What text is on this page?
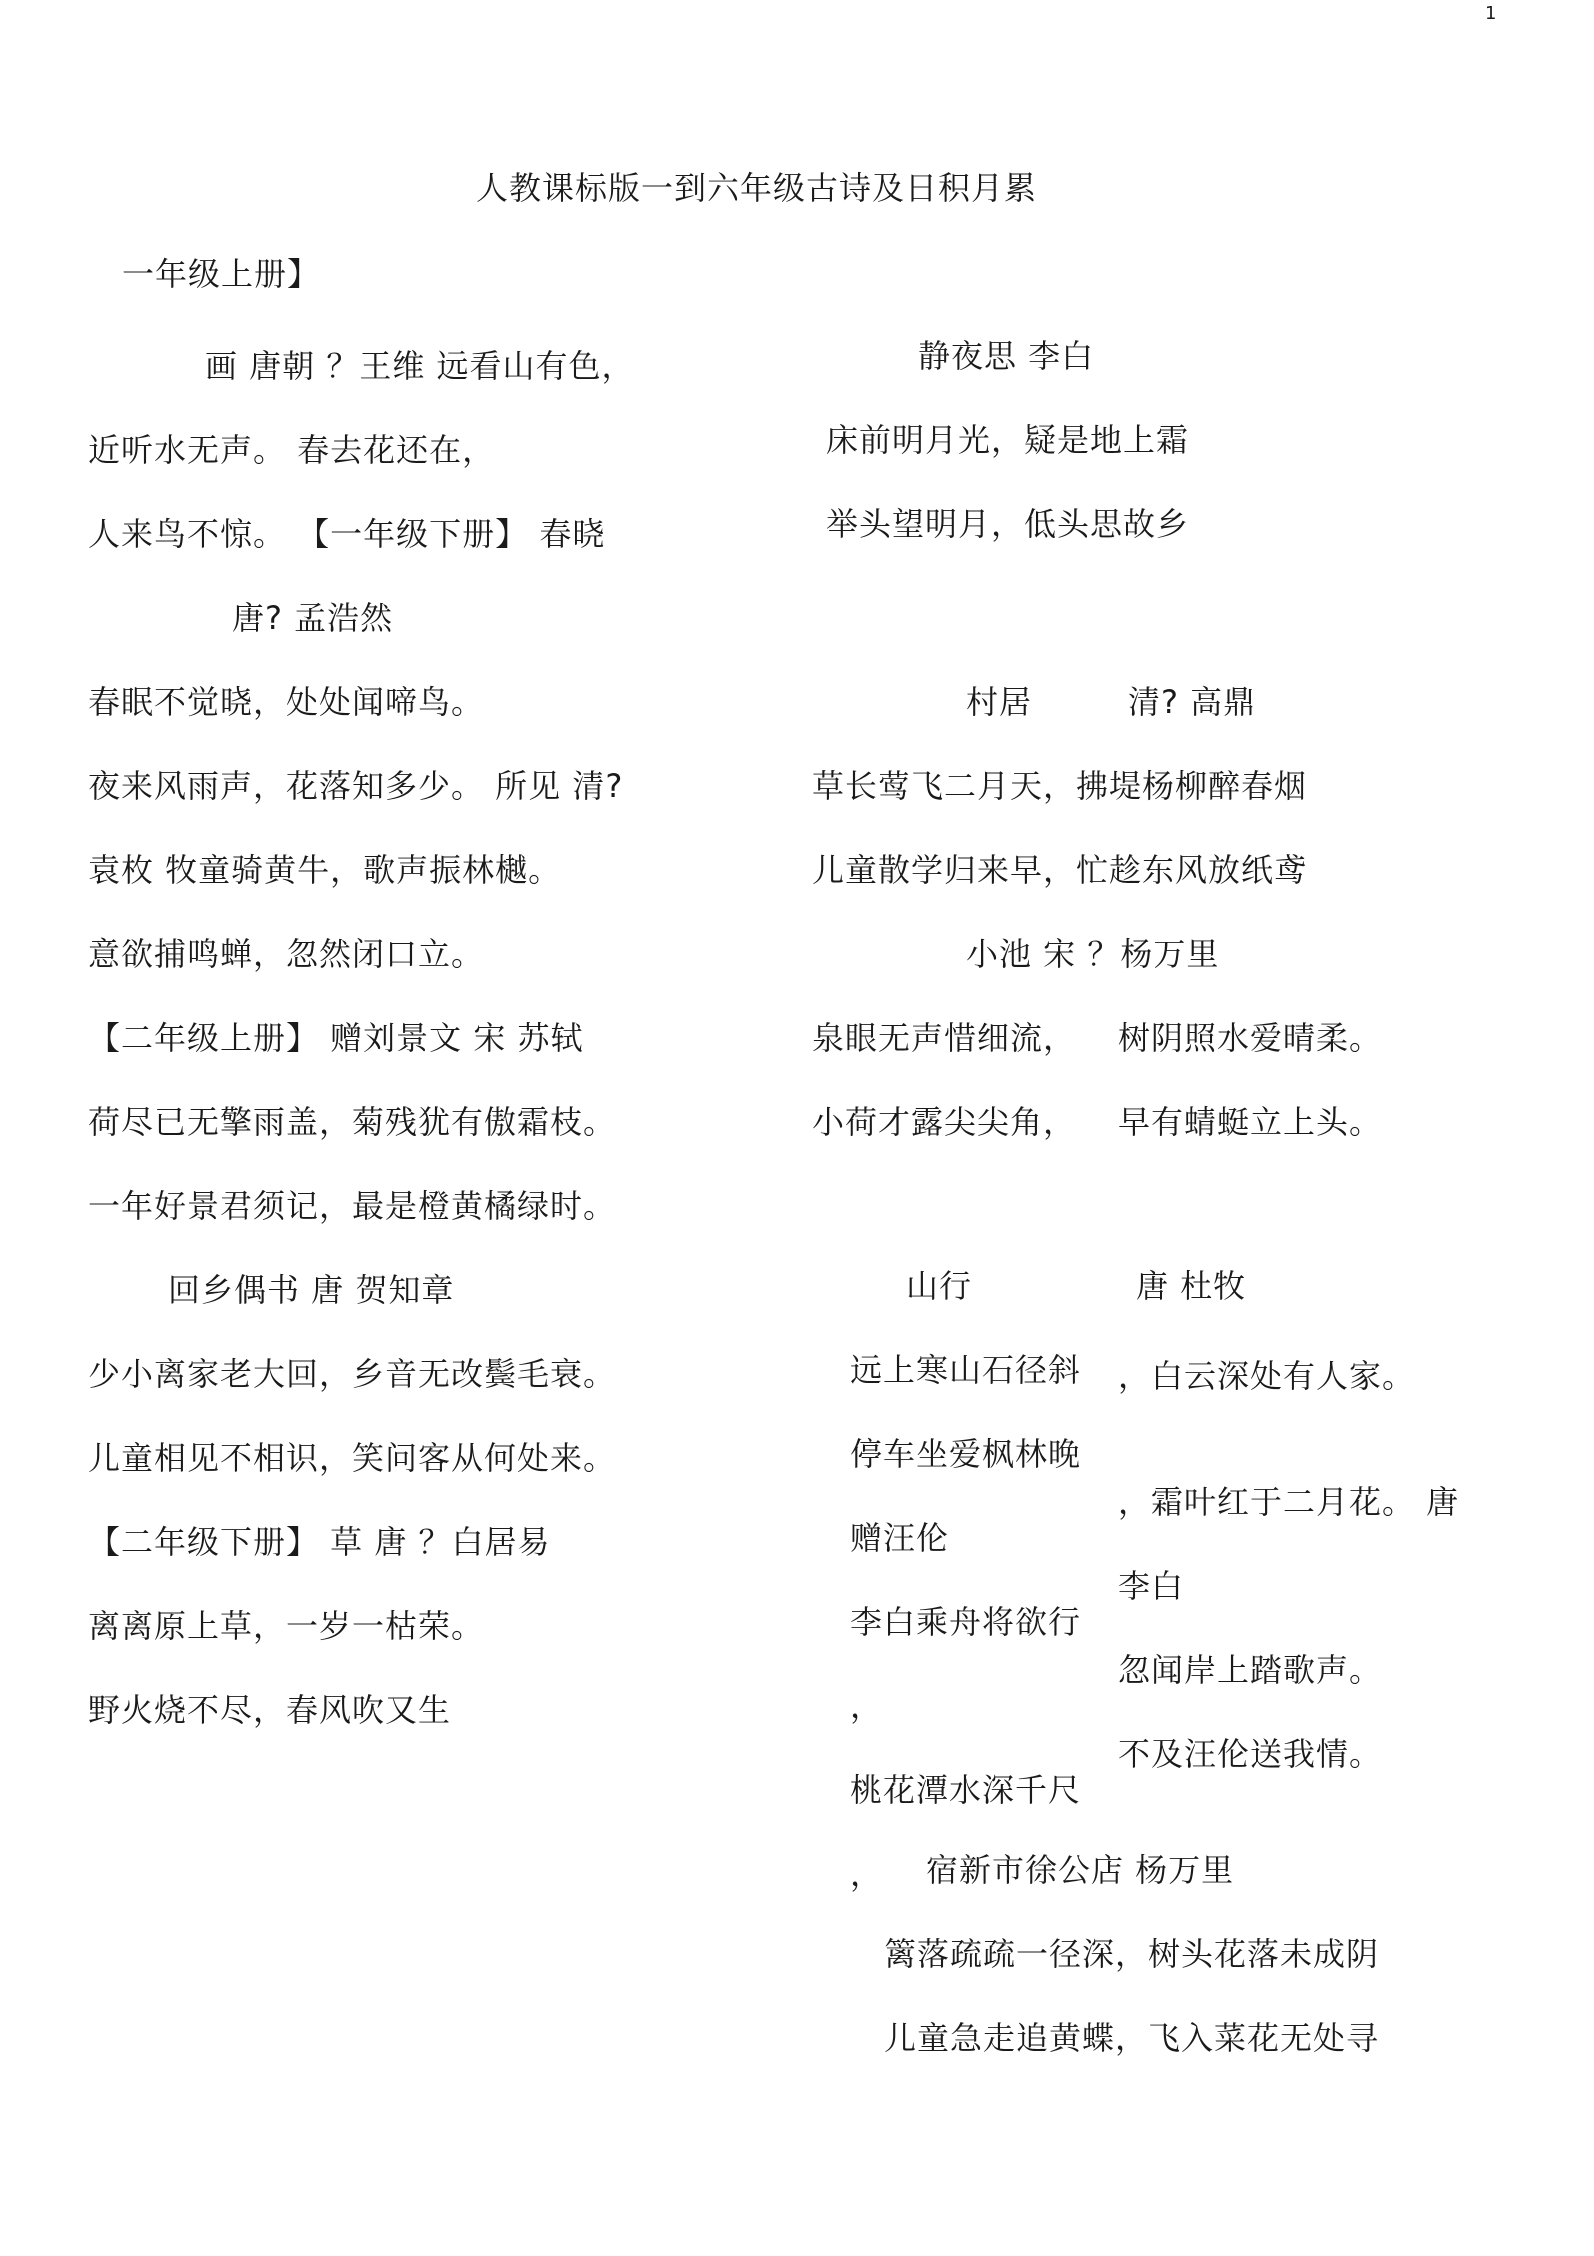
1
人教课标版一到六年级古诗及日积月累
一年级上册】
画 唐朝 ？王维 远看山有色，
近听水无声。 春去花还在，
人来鸟不惊。 【一年级下册】 春晓
唐? 孟浩然
春眠不觉晓，处处闻啼鸟。
夜来风雨声，花落知多少。 所见 清?
袁枚 牧童骑黄牛，歌声振林樾。
意欲捕鸣蝉，忽然闭口立。
【二年级上册】 赠刘景文 宋 苏轼
荷尽已无擎雨盖，菊残犹有傲霜枝。
一年好景君须记，最是橙黄橘绿时。
回乡偶书 唐 贺知章
少小离家老大回，乡音无改鬓毛衰。
儿童相见不相识，笑问客从何处来。
【二年级下册】 草 唐 ？白居易
离离原上草，一岁一枯荣。
野火烧不尽，春风吹又生
静夜思 李白
床前明月光，疑是地上霜
举头望明月，低头思故乡
村居	清? 高鼎
草长莺飞二月天，拂堤杨柳醉春烟
儿童散学归来早，忙趁东风放纸鸢
小池 宋 ？杨万里
泉眼无声惜细流， 树阴照水爱晴柔。
小荷才露尖尖角， 早有蜻蜓立上头。
山行	唐 杜牧
远上寒山石径斜 ，白云深处有人家。
停车坐爱枫林晚
，霜叶红于二月花。 唐
赠汪伦
李白
李白乘舟将欲行
忽闻岸上踏歌声。
，
不及汪伦送我情。
桃花潭水深千尺
， 宿新市徐公店 杨万里
篱落疏疏一径深，树头花落未成阴
儿童急走追黄蝶，飞入菜花无处寻
